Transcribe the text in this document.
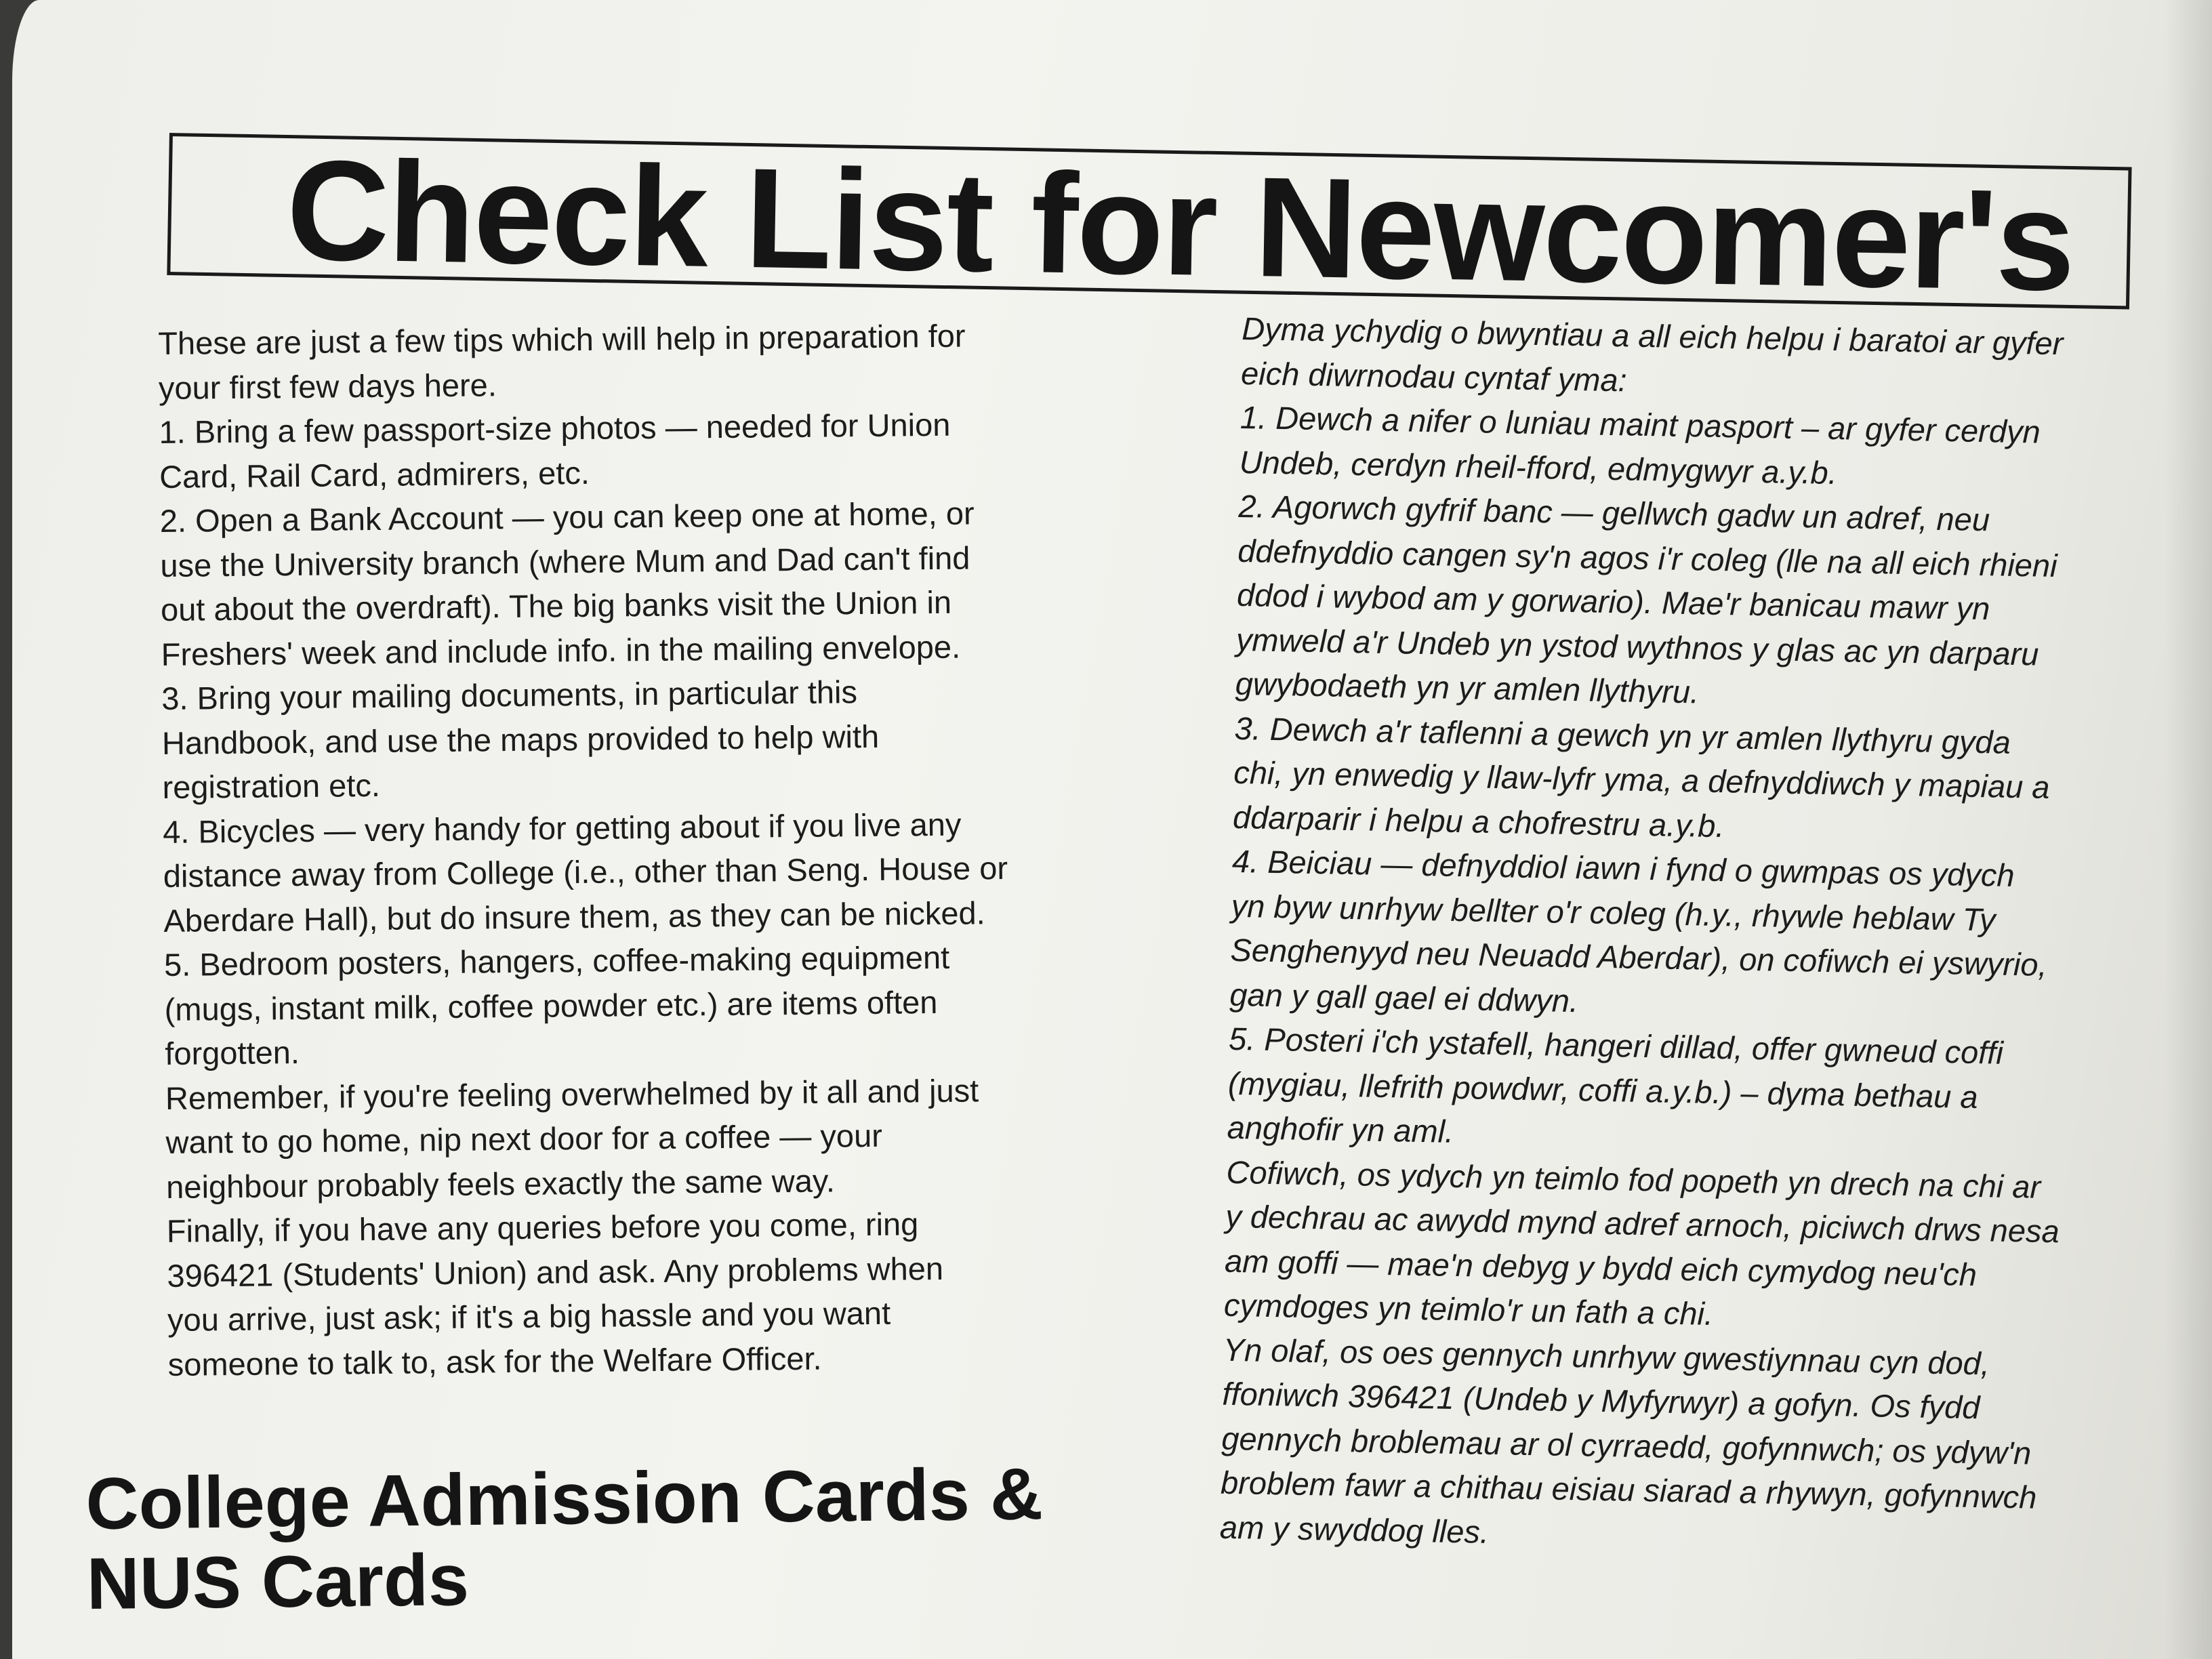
Check List for Newcomer's

These are just a few tips which will help in preparation for

your first few days here.

1. Bring a few passport-size photos — needed for Union

Card, Rail Card, admirers, etc.

2. Open a Bank Account — you can keep one at home, or

use the University branch (where Mum and Dad can't find

out about the overdraft). The big banks visit the Union in

Freshers' week and include info. in the mailing envelope.

3. Bring your mailing documents, in particular this

Handbook, and use the maps provided to help with

registration etc.

4. Bicycles — very handy for getting about if you live any

distance away from College (i.e., other than Seng. House or

Aberdare Hall), but do insure them, as they can be nicked.

5. Bedroom posters, hangers, coffee-making equipment

(mugs, instant milk, coffee powder etc.) are items often

forgotten.

Remember, if you're feeling overwhelmed by it all and just

want to go home, nip next door for a coffee — your

neighbour probably feels exactly the same way.

Finally, if you have any queries before you come, ring

396421 (Students' Union) and ask. Any problems when

you arrive, just ask; if it's a big hassle and you want

someone to talk to, ask for the Welfare Officer.

Dyma ychydig o bwyntiau a all eich helpu i baratoi ar gyfer

eich diwrnodau cyntaf yma:

1. Dewch a nifer o luniau maint pasport – ar gyfer cerdyn

Undeb, cerdyn rheil-fford, edmygwyr a.y.b.

2. Agorwch gyfrif banc — gellwch gadw un adref, neu

ddefnyddio cangen sy'n agos i'r coleg (lle na all eich rhieni

ddod i wybod am y gorwario). Mae'r banicau mawr yn

ymweld a'r Undeb yn ystod wythnos y glas ac yn darparu

gwybodaeth yn yr amlen llythyru.

3. Dewch a'r taflenni a gewch yn yr amlen llythyru gyda

chi, yn enwedig y llaw-lyfr yma, a defnyddiwch y mapiau a

ddarparir i helpu a chofrestru a.y.b.

4. Beiciau — defnyddiol iawn i fynd o gwmpas os ydych

yn byw unrhyw bellter o'r coleg (h.y., rhywle heblaw Ty

Senghenyyd neu Neuadd Aberdar), on cofiwch ei yswyrio,

gan y gall gael ei ddwyn.

5. Posteri i'ch ystafell, hangeri dillad, offer gwneud coffi

(mygiau, llefrith powdwr, coffi a.y.b.) – dyma bethau a

anghofir yn aml.

Cofiwch, os ydych yn teimlo fod popeth yn drech na chi ar

y dechrau ac awydd mynd adref arnoch, piciwch drws nesa

am goffi — mae'n debyg y bydd eich cymydog neu'ch

cymdoges yn teimlo'r un fath a chi.

Yn olaf, os oes gennych unrhyw gwestiynnau cyn dod,

ffoniwch 396421 (Undeb y Myfyrwyr) a gofyn. Os fydd

gennych broblemau ar ol cyrraedd, gofynnwch; os ydyw'n

broblem fawr a chithau eisiau siarad a rhywyn, gofynnwch

am y swyddog lles.

College Admission Cards &

NUS Cards
